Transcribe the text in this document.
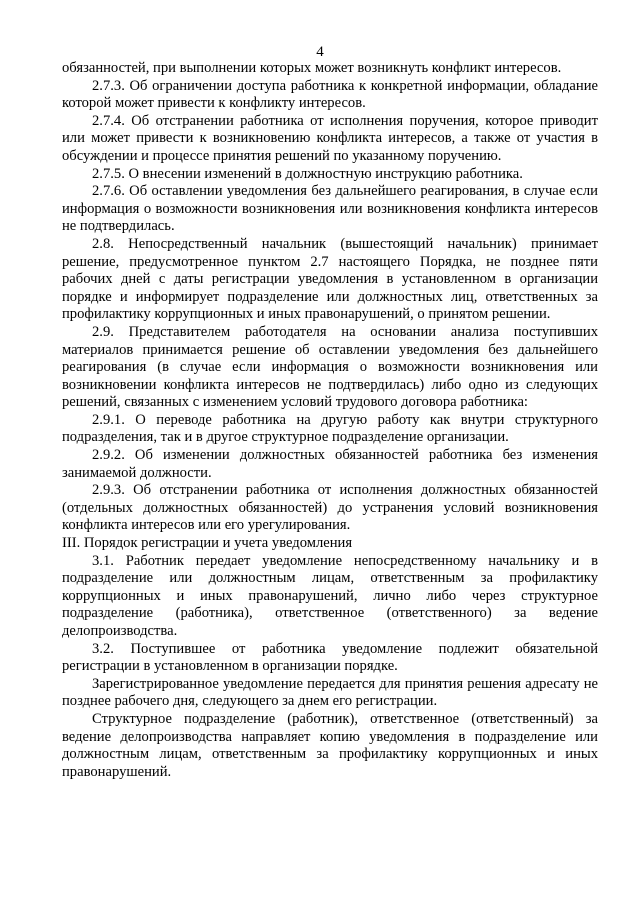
4

обязанностей, при выполнении которых может возникнуть конфликт интересов.

2.7.3. Об ограничении доступа работника к конкретной информации, обладание которой может привести к конфликту интересов.

2.7.4. Об отстранении работника от исполнения поручения, которое приводит или может привести к возникновению конфликта интересов, а также от участия в обсуждении и процессе принятия решений по указанному поручению.

2.7.5. О внесении изменений в должностную инструкцию работника.

2.7.6. Об оставлении уведомления без дальнейшего реагирования, в случае если информация о возможности возникновения или возникновения конфликта интересов не подтвердилась.

2.8. Непосредственный начальник (вышестоящий начальник) принимает решение, предусмотренное пунктом 2.7 настоящего Порядка, не позднее пяти рабочих дней с даты регистрации уведомления в установленном в организации порядке и информирует подразделение или должностных лиц, ответственных за профилактику коррупционных и иных правонарушений, о принятом решении.

2.9. Представителем работодателя на основании анализа поступивших материалов принимается решение об оставлении уведомления без дальнейшего реагирования (в случае если информация о возможности возникновения или возникновении конфликта интересов не подтвердилась) либо одно из следующих решений, связанных с изменением условий трудового договора работника:

2.9.1. О переводе работника на другую работу как внутри структурного подразделения, так и в другое структурное подразделение организации.

2.9.2. Об изменении должностных обязанностей работника без изменения занимаемой должности.

2.9.3. Об отстранении работника от исполнения должностных обязанностей (отдельных должностных обязанностей) до устранения условий возникновения конфликта интересов или его урегулирования.

III. Порядок регистрации и учета уведомления

3.1. Работник передает уведомление непосредственному начальнику и в подразделение или должностным лицам, ответственным за профилактику коррупционных и иных правонарушений, лично либо через структурное подразделение (работника), ответственное (ответственного) за ведение делопроизводства.

3.2. Поступившее от работника уведомление подлежит обязательной регистрации в установленном в организации порядке.

Зарегистрированное уведомление передается для принятия решения адресату не позднее рабочего дня, следующего за днем его регистрации.

Структурное подразделение (работник), ответственное (ответственный) за ведение делопроизводства направляет копию уведомления в подразделение или должностным лицам, ответственным за профилактику коррупционных и иных правонарушений.
